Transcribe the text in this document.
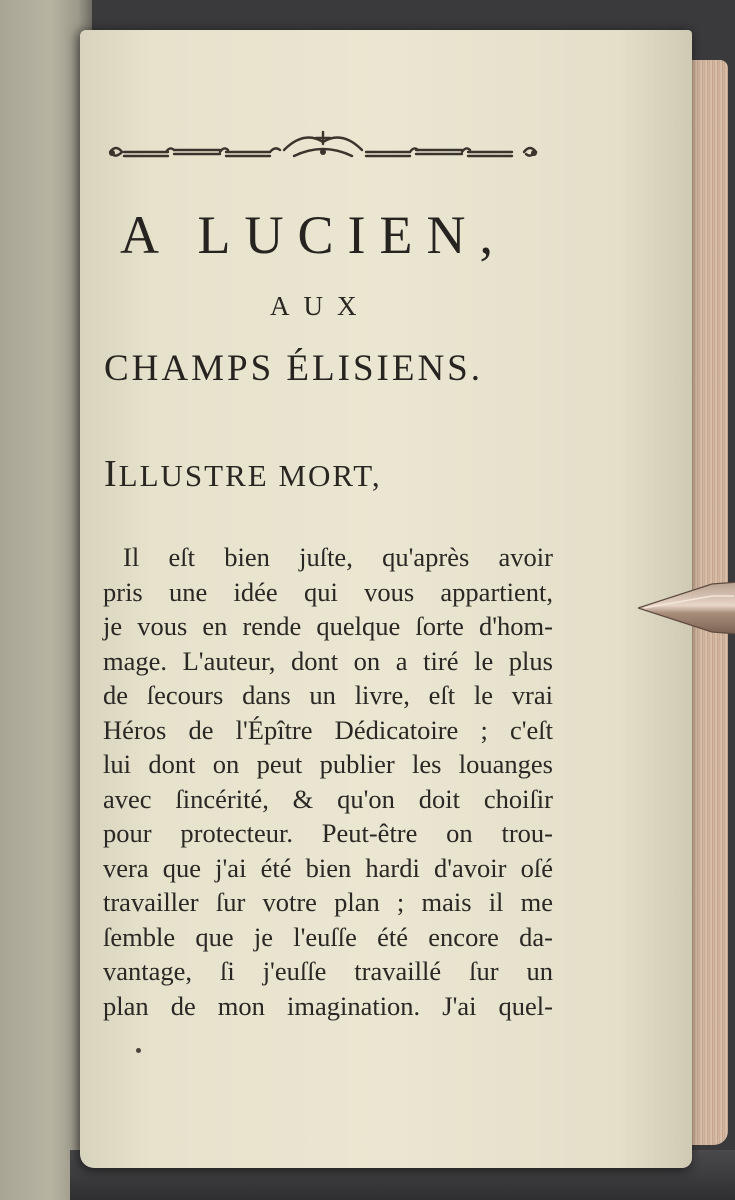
A LUCIEN,
AUX
CHAMPS ÉLISIENS.
ILLUSTRE MORT,
Il eſt bien juſte, qu'après avoir
pris une idée qui vous appartient,
je vous en rende quelque ſorte d'hom-
mage. L'auteur, dont on a tiré le plus
de ſecours dans un livre, eſt le vrai
Héros de l'Épître Dédicatoire ; c'eſt
lui dont on peut publier les louanges
avec ſincérité, & qu'on doit choiſir
pour protecteur. Peut-être on trou-
vera que j'ai été bien hardi d'avoir oſé
travailler ſur votre plan ; mais il me
ſemble que je l'euſſe été encore da-
vantage, ſi j'euſſe travaillé ſur un
plan de mon imagination. J'ai quel-
